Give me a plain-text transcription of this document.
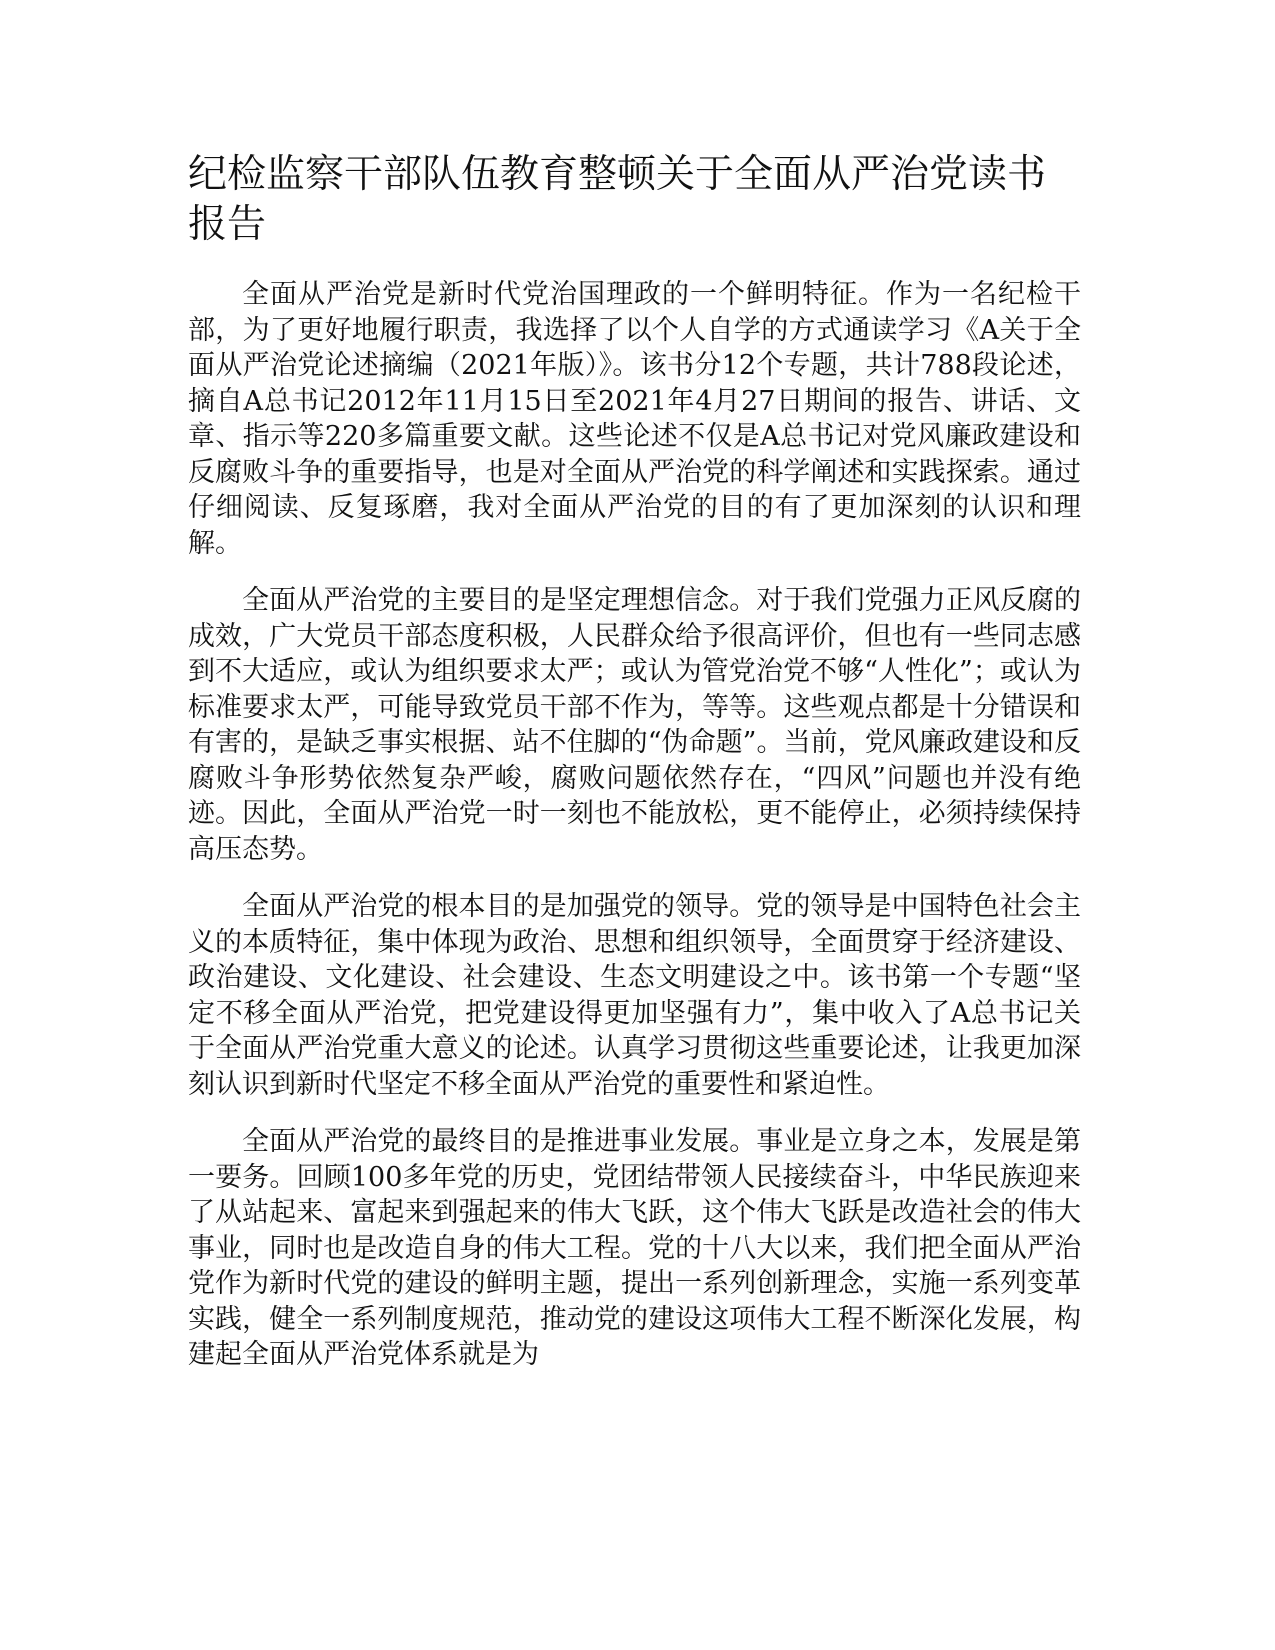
纪检监察干部队伍教育整顿关于全面从严治党读书报告

全面从严治党是新时代党治国理政的一个鲜明特征。作为一名纪检干部，为了更好地履行职责，我选择了以个人自学的方式通读学习《A关于全面从严治党论述摘编（2021年版）》。该书分12个专题，共计788段论述，摘自A总书记2012年11月15日至2021年4月27日期间的报告、讲话、文章、指示等220多篇重要文献。这些论述不仅是A总书记对党风廉政建设和反腐败斗争的重要指导，也是对全面从严治党的科学阐述和实践探索。通过仔细阅读、反复琢磨，我对全面从严治党的目的有了更加深刻的认识和理解。

全面从严治党的主要目的是坚定理想信念。对于我们党强力正风反腐的成效，广大党员干部态度积极，人民群众给予很高评价，但也有一些同志感到不大适应，或认为组织要求太严；或认为管党治党不够“人性化”；或认为标准要求太严，可能导致党员干部不作为，等等。这些观点都是十分错误和有害的，是缺乏事实根据、站不住脚的“伪命题”。当前，党风廉政建设和反腐败斗争形势依然复杂严峻，腐败问题依然存在，“四风”问题也并没有绝迹。因此，全面从严治党一时一刻也不能放松，更不能停止，必须持续保持高压态势。

全面从严治党的根本目的是加强党的领导。党的领导是中国特色社会主义的本质特征，集中体现为政治、思想和组织领导，全面贯穿于经济建设、政治建设、文化建设、社会建设、生态文明建设之中。该书第一个专题“坚定不移全面从严治党，把党建设得更加坚强有力”，集中收入了A总书记关于全面从严治党重大意义的论述。认真学习贯彻这些重要论述，让我更加深刻认识到新时代坚定不移全面从严治党的重要性和紧迫性。

全面从严治党的最终目的是推进事业发展。事业是立身之本，发展是第一要务。回顾100多年党的历史，党团结带领人民接续奋斗，中华民族迎来了从站起来、富起来到强起来的伟大飞跃，这个伟大飞跃是改造社会的伟大事业，同时也是改造自身的伟大工程。党的十八大以来，我们把全面从严治党作为新时代党的建设的鲜明主题，提出一系列创新理念，实施一系列变革实践，健全一系列制度规范，推动党的建设这项伟大工程不断深化发展，构建起全面从严治党体系就是为
